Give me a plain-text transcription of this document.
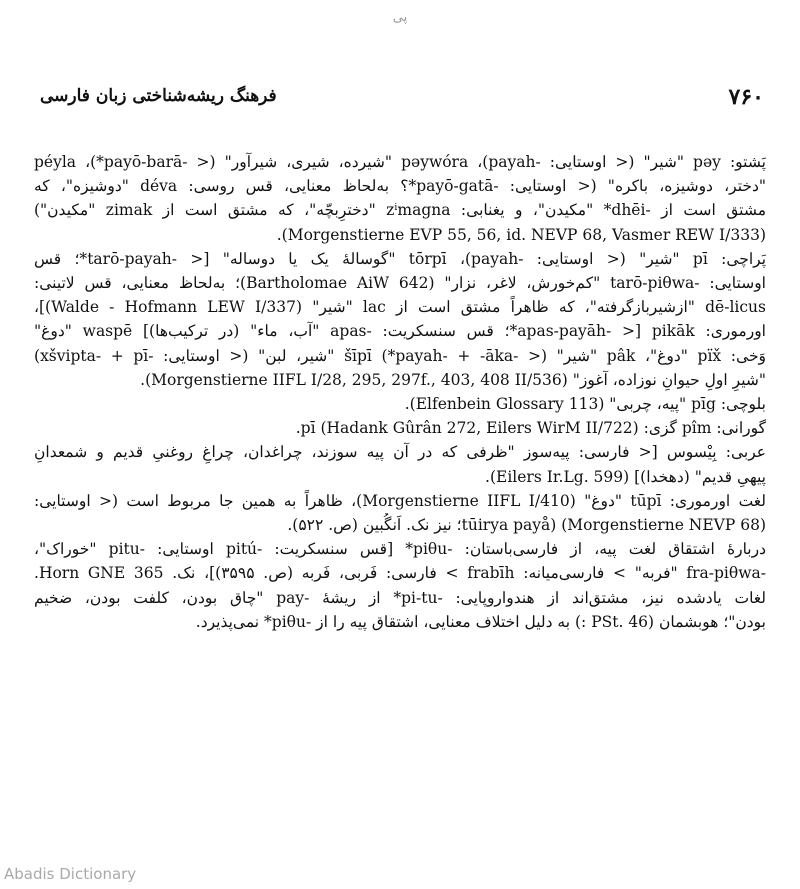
پی
۷۶۰
فرهنگ ریشه‌شناختی زبان فارسی
پَشتو: pəy "شیر" (< اوستایی: -payah)، pəywóra "شیرده، شیری، شیرآور" (< -payō-barā*)، péyla
"دختر، دوشیزه، باکره" (< اوستایی: -payō-gatā*؟ به‌لحاظ معنایی، قس روسی: déva "دوشیزه"، که
مشتق است از -dhēi* "مکیدن"، و یغنابی: zⁱmagna "دخترِبچّه"، که مشتق است از zimak "مکیدن")
(Morgenstierne EVP 55, 56, id. NEVP 68, Vasmer REW I/333).
پَراچی: pī "شیر" (< اوستایی: -payah)، tōrpī "گوسالهٔ یک یا دوساله" [< -tarō-payah*؛ قس
اوستایی: -tarō-piθwa "کم‌خورش، لاغر، نزار" (Bartholomae AiW 642)؛ به‌لحاظ معنایی، قس لاتینی:
dē-licus "ازشیربازگرفته"، که ظاهراً مشتق است از lac "شیر" (Walde - Hofmann LEW I/337)]،
اورموری: pikāk [< -apas-payāh*؛ قس سنسکریت: -apas "آب، ماء" (در ترکیب‌ها)] waspē "دوغ"
وَخی: pïx̌ "دوغ"، pâk "شیر" (< -payah- + -āka*) šīpī "شیر، لبن" (< اوستایی: -xšvipta- + pī)
"شیرِ اولِ حیوانِ نوزاده، آغوز" (Morgenstierne IIFL I/28, 295, 297f., 403, 408 II/536).
بلوچی: pīg "پیه، چربی" (Elfenbein Glossary 113).
گورانی: pîm گزی: pī (Hadank Gûrân 272, Eilers WirM II/722).
عربی: بِیْسوس [< فارسی: پیه‌سوز "ظرفی که در آن پیه سوزند، چراغدان، چراغِ روغنیِ قدیم و شمعدانِ
پیهیِ قدیم" (دهخدا)] (Eilers Ir.Lg. 599).
لغت اورموری: tūpī "دوغ" (Morgenstierne IIFL I/410)، ظاهراً به همین جا مربوط است (< اوستایی:
tūirya payå) (Morgenstierne NEVP 68)؛ نیز نک. اَنگُبین (ص. ۵۲۲).
دربارهٔ اشتقاق لغت پیه، از فارسی‌باستان: -piθu* [قس سنسکریت: -pitú اوستایی: -pitu "خوراک"،
-fra-piθwa "فربه" > فارسی‌میانه: frabīh > فارسی: فَربی، فَربه (ص. ۳۵۹۵)]، نک. Horn GNE 365.
لغات یادشده نیز، مشتق‌اند از هندواروپایی: -pi-tu* از ریشهٔ -pay "چاق بودن، کلفت بودن، ضخیم
بودن"؛ هوبشمان (PSt. 46 :) به دلیل اختلاف معنایی، اشتقاق پیه را از -piθu* نمی‌پذیرد.
Abadis Dictionary
